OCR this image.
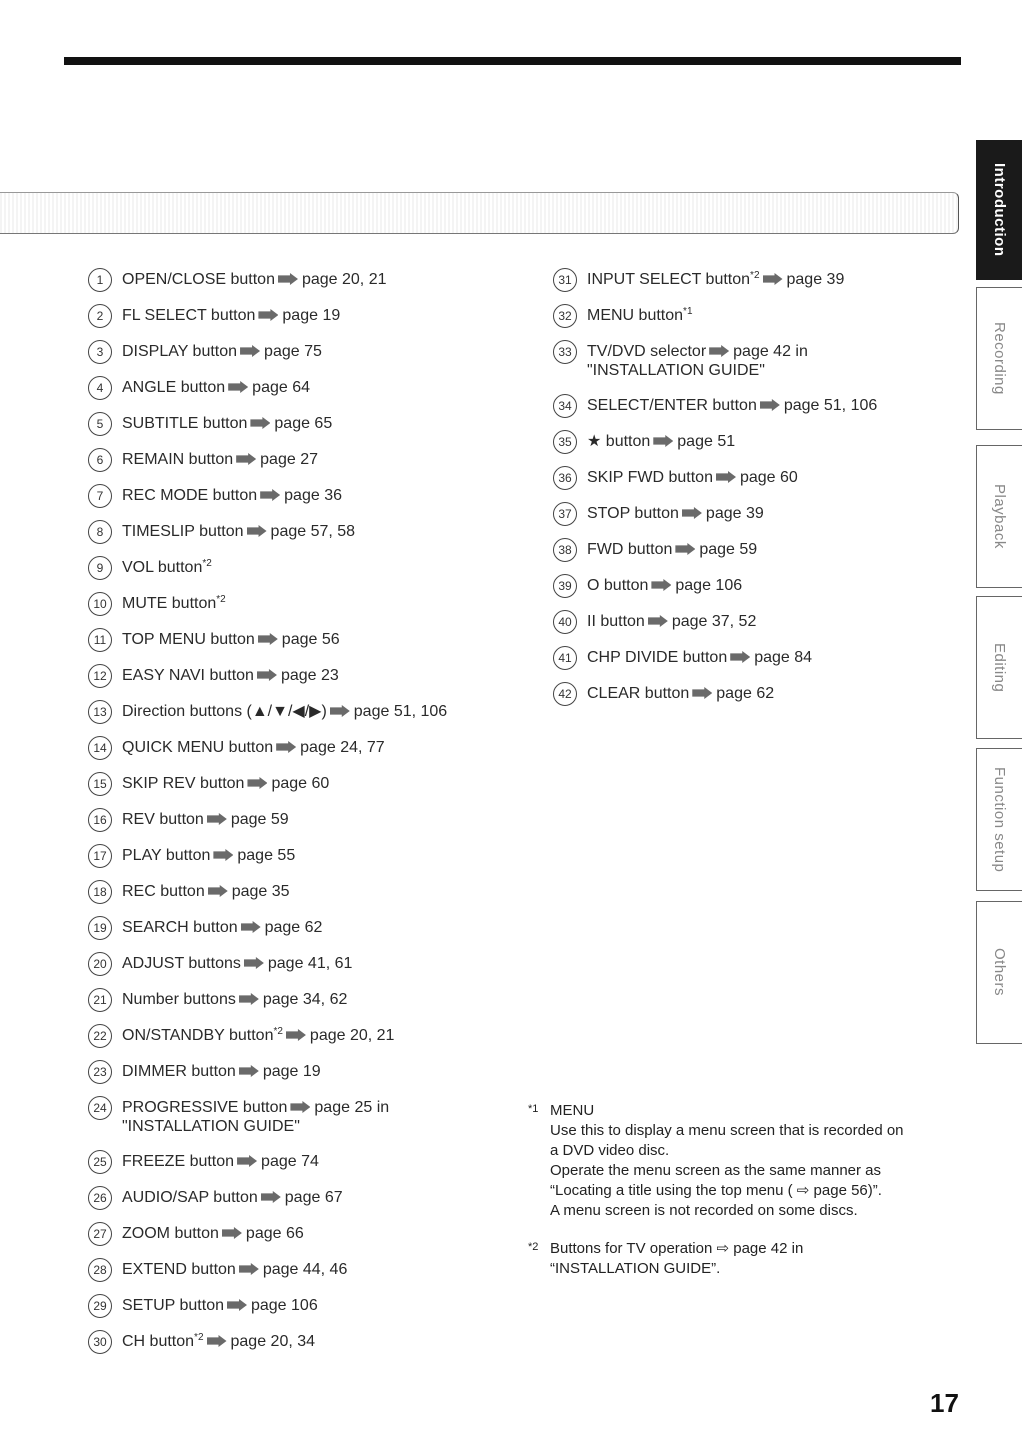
1	OPEN/CLOSE button page 20, 21
2	FL SELECT button page 19
3	DISPLAY button page 75
4	ANGLE button page 64
5	SUBTITLE button page 65
6	REMAIN button page 27
7	REC MODE button page 36
8	TIMESLIP button page 57, 58
9	VOL button$^{*2}$
10 MUTE button$^{*2}$
11 TOP MENU button page 56
12 EASY NAVI button page 23
13 Direction buttons (▲/▼/◀/▶) page 51, 106
14 QUICK MENU button page 24, 77
15 SKIP REV button page 60
16 REV button page 59
17 PLAY button page 55
18 REC button page 35
19 SEARCH button page 62
20 ADJUST buttons page 41, 61
21 Number buttons page 34, 62
22 ON/STANDBY button$^{*2}$ page 20, 21
23 DIMMER button page 19
24 PROGRESSIVE button page 25 in
"INSTALLATION GUIDE"
25 FREEZE button page 74
26 AUDIO/SAP button page 67
27 ZOOM button page 66
28 EXTEND button page 44, 46
29 SETUP button page 106
30 CH button$^{*2}$ page 20, 34
31 INPUT SELECT button$^{*2}$ page 39
32 MENU button$^{*1}$
33 TV/DVD selector page 42 in
"INSTALLATION GUIDE"
34 SELECT/ENTER button page 51, 106
35 ★ button page 51
36 SKIP FWD button page 60
37 STOP button page 39
38 FWD button page 59
39 O button page 106
40 II button page 37, 52
41 CHP DIVIDE button page 84
42 CLEAR button page 62
*1 MENU

Use this to display a menu screen that is recorded on

a DVD video disc.

Operate the menu screen as the same manner as

“Locating a title using the top menu ( ⇨ page 56)”.

A menu screen is not recorded on some discs.

*2 Buttons for TV operation ⇨ page 42 in

“INSTALLATION GUIDE”.

Introduction
Recording
Playback
Editing
Function setup
Others
17
